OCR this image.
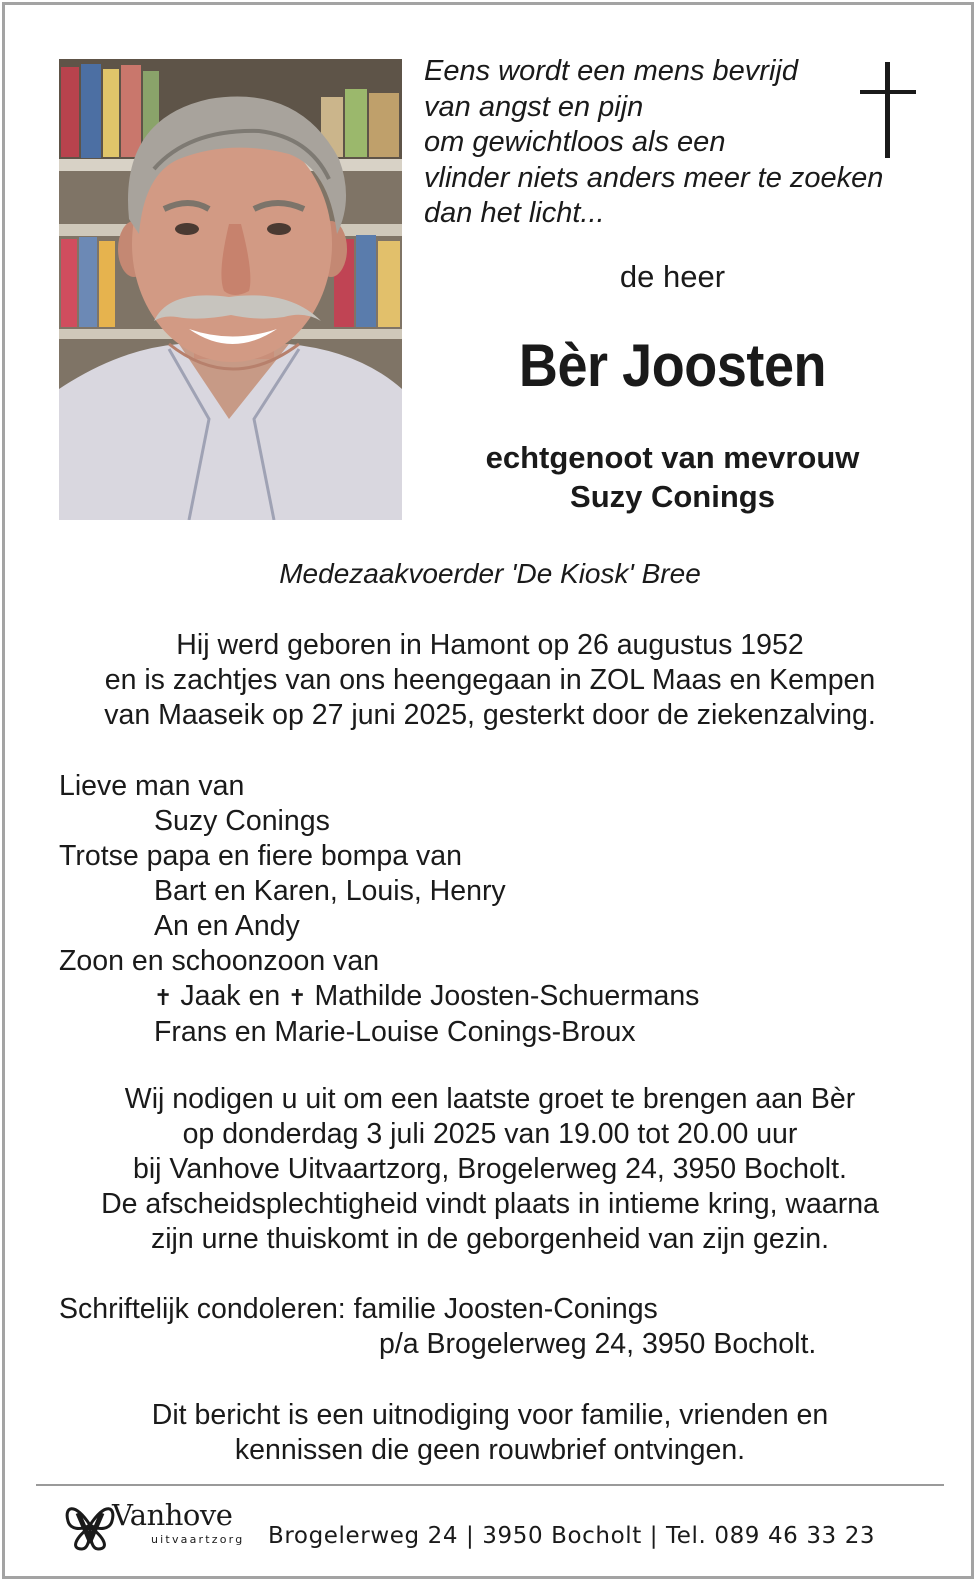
Eens wordt een mens bevrijd
van angst en pijn
om gewichtloos als een
vlinder niets anders meer te zoeken
dan het licht...
de heer
Bèr Joosten
echtgenoot van mevrouw
Suzy Conings
Medezaakvoerder 'De Kiosk' Bree
Hij werd geboren in Hamont op 26 augustus 1952
en is zachtjes van ons heengegaan in ZOL Maas en Kempen
van Maaseik op 27 juni 2025, gesterkt door de ziekenzalving.
Lieve man van
Suzy Conings
Trotse papa en fiere bompa van
Bart en Karen, Louis, Henry
An en Andy
Zoon en schoonzoon van
✝ Jaak en ✝ Mathilde Joosten-Schuermans
Frans en Marie-Louise Conings-Broux
Wij nodigen u uit om een laatste groet te brengen aan Bèr
op donderdag 3 juli 2025 van 19.00 tot 20.00 uur
bij Vanhove Uitvaartzorg, Brogelerweg 24, 3950 Bocholt.
De afscheidsplechtigheid vindt plaats in intieme kring, waarna
zijn urne thuiskomt in de geborgenheid van zijn gezin.
Schriftelijk condoleren: familie Joosten-Conings
p/a Brogelerweg 24, 3950 Bocholt.
Dit bericht is een uitnodiging voor familie, vrienden en
kennissen die geen rouwbrief ontvingen.
Vanhove
uitvaartzorg Brogelerweg 24 | 3950 Bocholt | Tel. 089 46 33 23
